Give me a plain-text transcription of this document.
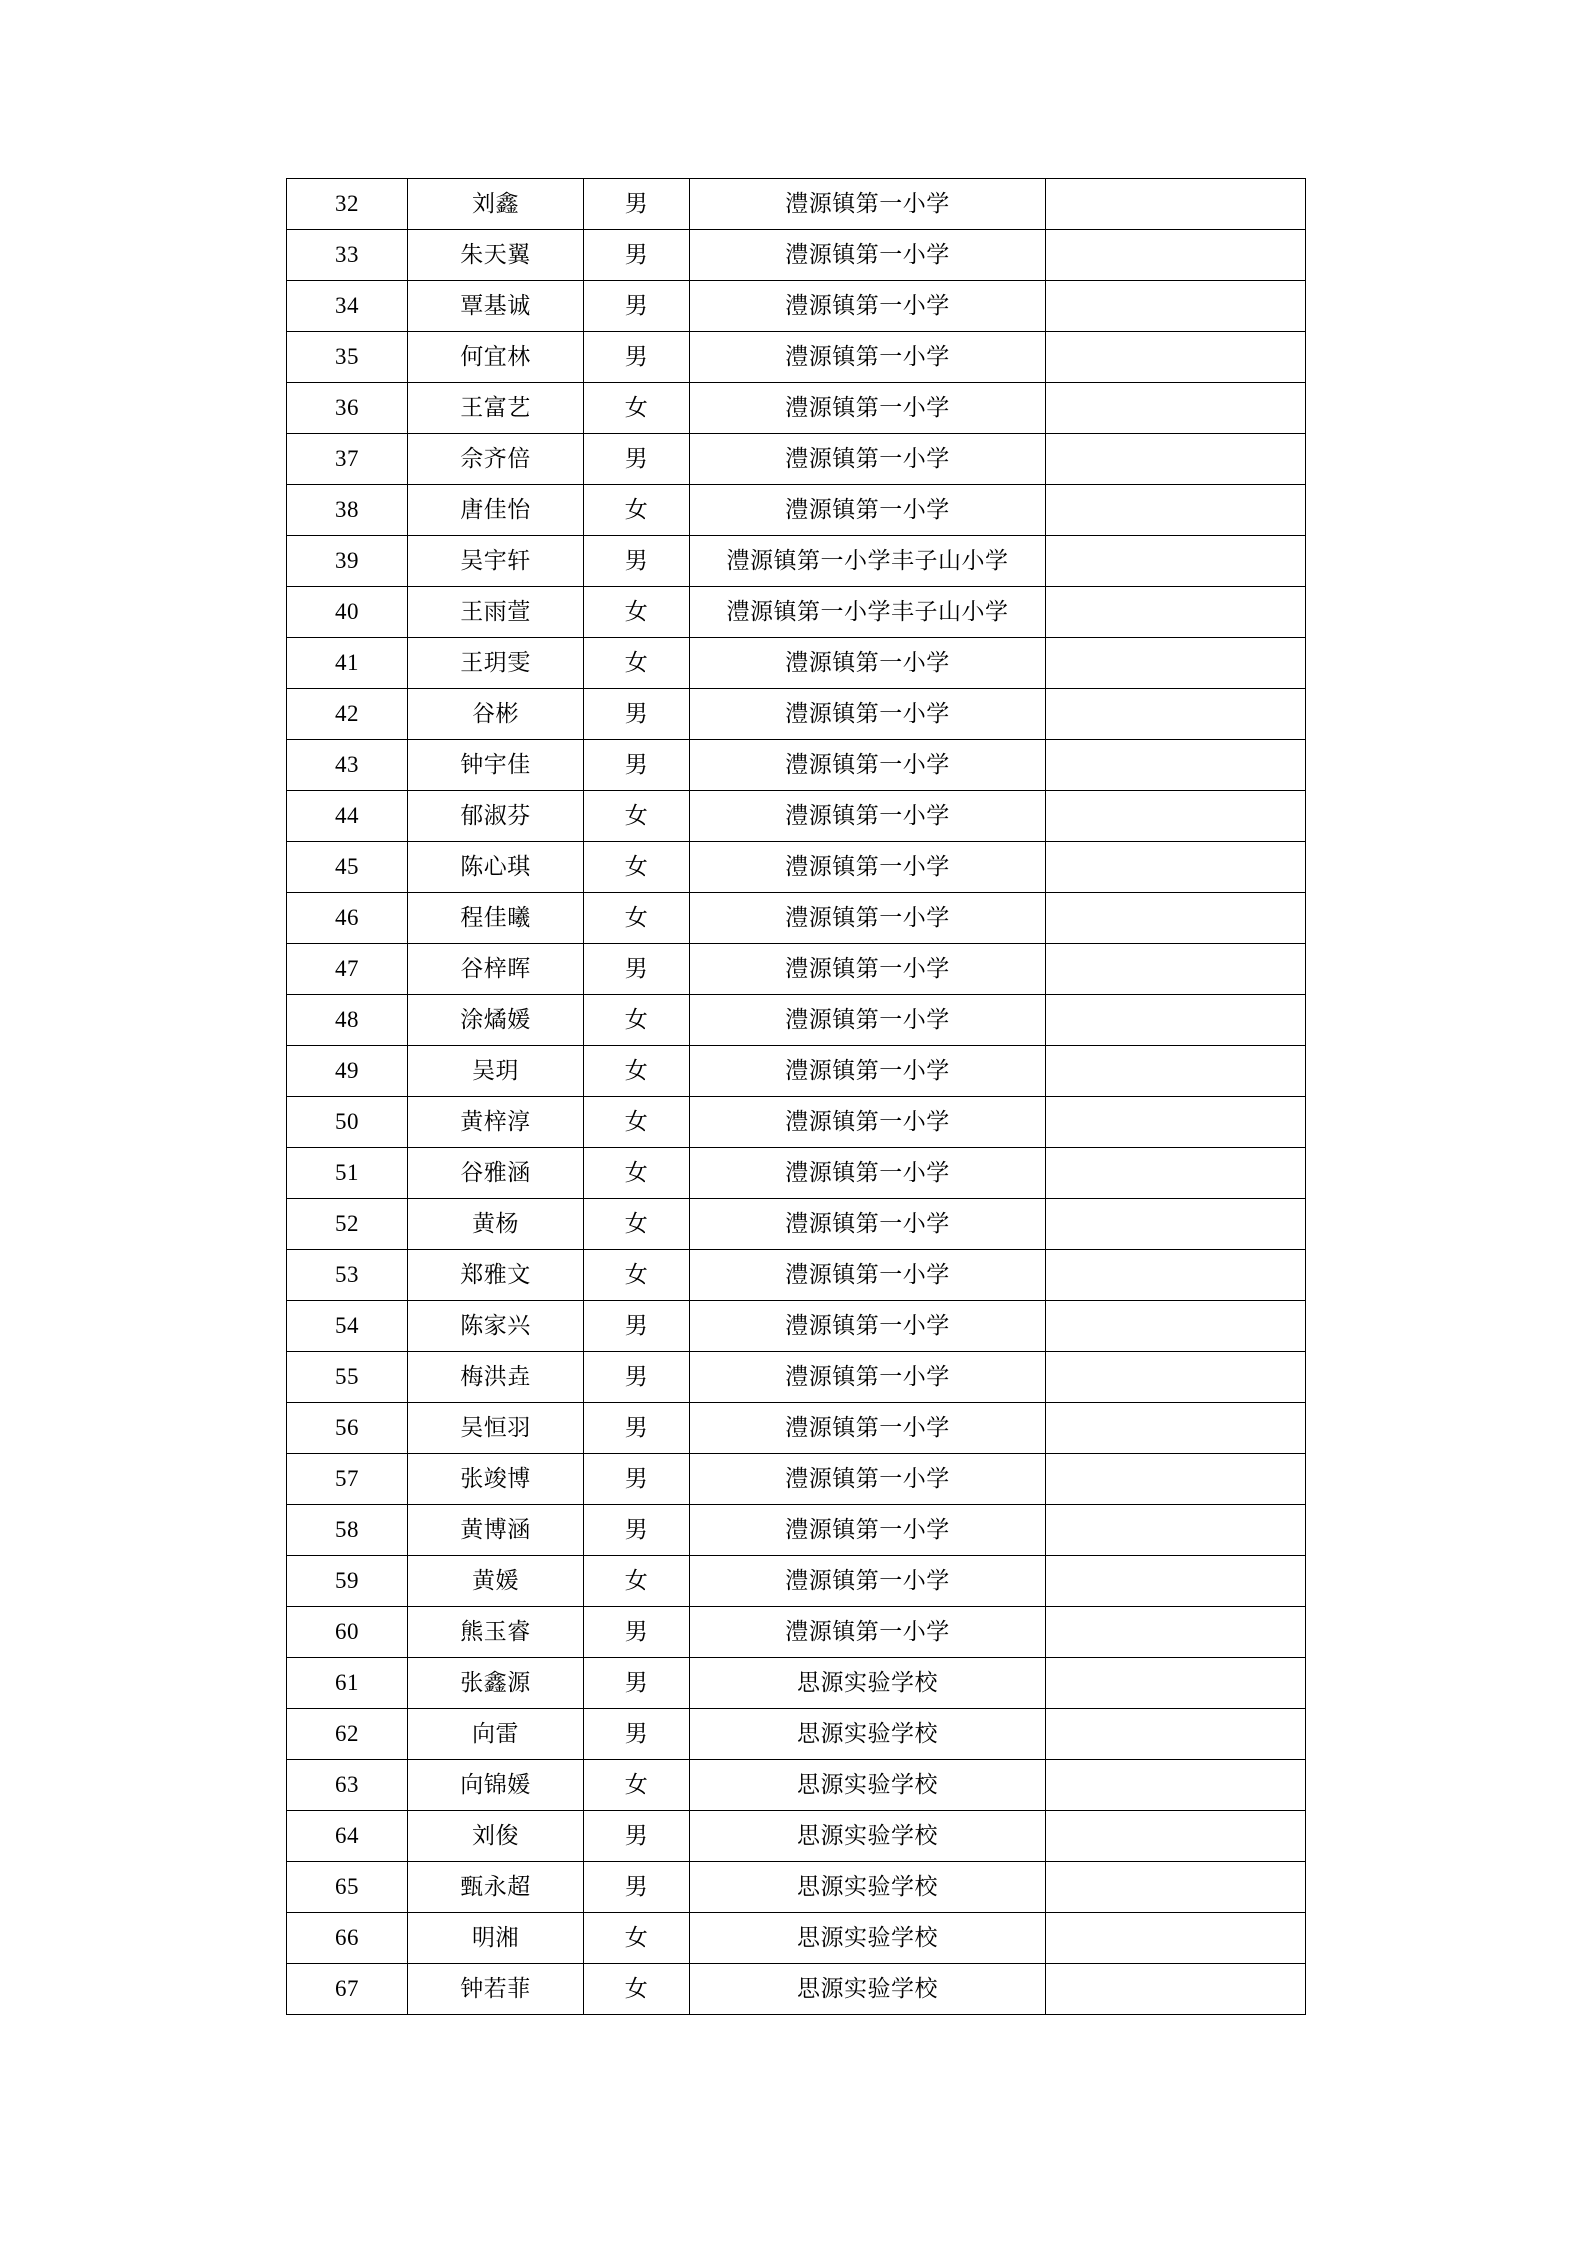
32	刘鑫	男	澧源镇第一小学	
33	朱天翼	男	澧源镇第一小学	
34	覃基诚	男	澧源镇第一小学	
35	何宜林	男	澧源镇第一小学	
36	王富艺	女	澧源镇第一小学	
37	佘齐倍	男	澧源镇第一小学	
38	唐佳怡	女	澧源镇第一小学	
39	吴宇轩	男	澧源镇第一小学丰子山小学	
40	王雨萱	女	澧源镇第一小学丰子山小学	
41	王玥雯	女	澧源镇第一小学	
42	谷彬	男	澧源镇第一小学	
43	钟宇佳	男	澧源镇第一小学	
44	郁淑芬	女	澧源镇第一小学	
45	陈心琪	女	澧源镇第一小学	
46	程佳曦	女	澧源镇第一小学	
47	谷梓晖	男	澧源镇第一小学	
48	涂燏媛	女	澧源镇第一小学	
49	吴玥	女	澧源镇第一小学	
50	黄梓淳	女	澧源镇第一小学	
51	谷雅涵	女	澧源镇第一小学	
52	黄杨	女	澧源镇第一小学	
53	郑雅文	女	澧源镇第一小学	
54	陈家兴	男	澧源镇第一小学	
55	梅洪垚	男	澧源镇第一小学	
56	吴恒羽	男	澧源镇第一小学	
57	张竣博	男	澧源镇第一小学	
58	黄博涵	男	澧源镇第一小学	
59	黄媛	女	澧源镇第一小学	
60	熊玉睿	男	澧源镇第一小学	
61	张鑫源	男	思源实验学校	
62	向雷	男	思源实验学校	
63	向锦媛	女	思源实验学校	
64	刘俊	男	思源实验学校	
65	甄永超	男	思源实验学校	
66	明湘	女	思源实验学校	
67	钟若菲	女	思源实验学校	
